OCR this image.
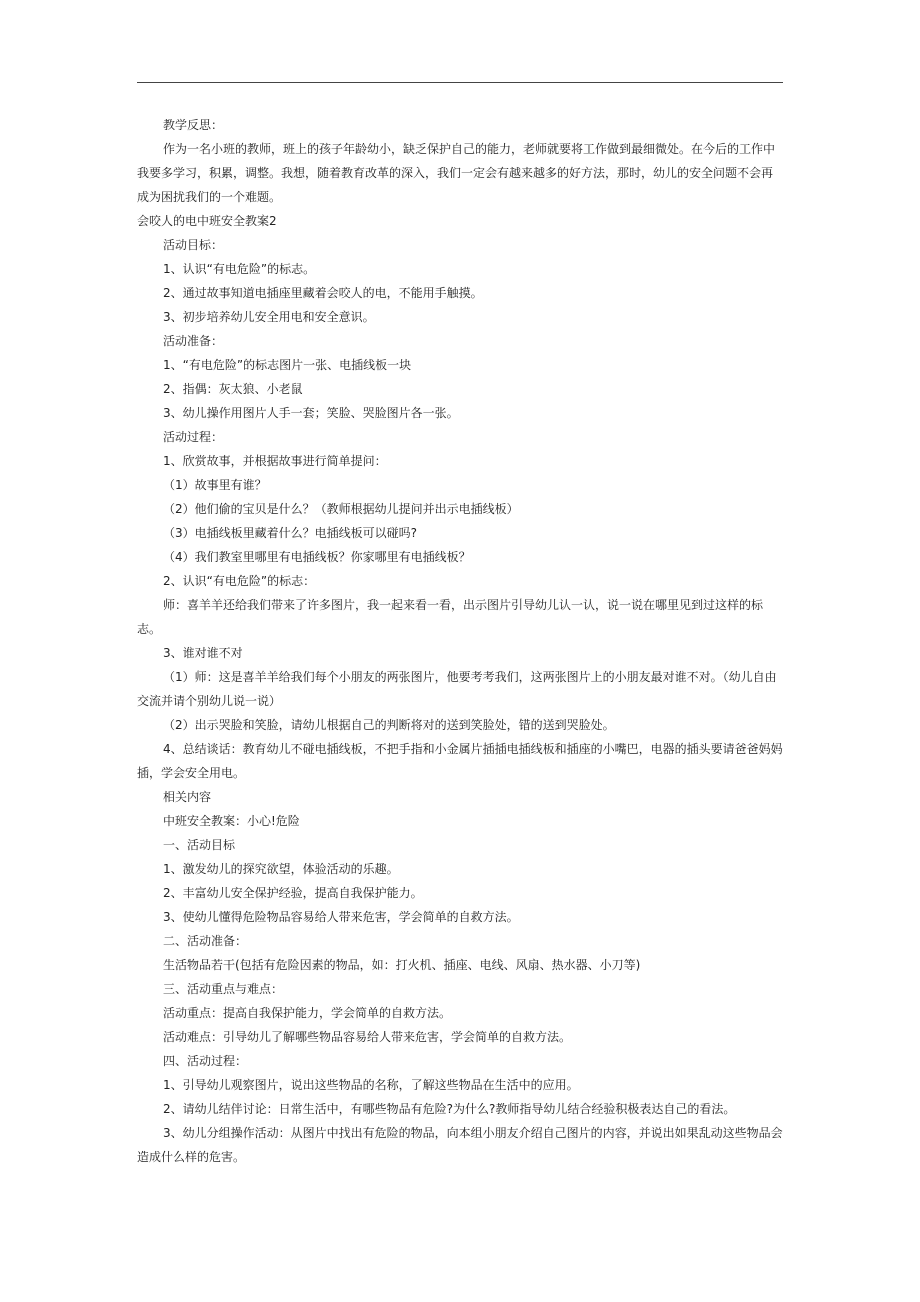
教学反思：

作为一名小班的教师，班上的孩子年龄幼小，缺乏保护自己的能力，老师就要将工作做到最细微处。在今后的工作中我要多学习，积累，调整。我想，随着教育改革的深入，我们一定会有越来越多的好方法，那时，幼儿的安全问题不会再成为困扰我们的一个难题。

会咬人的电中班安全教案2

活动目标：

1、认识“有电危险”的标志。

2、通过故事知道电插座里藏着会咬人的电，不能用手触摸。

3、初步培养幼儿安全用电和安全意识。

活动准备：

1、“有电危险”的标志图片一张、电插线板一块

2、指偶：灰太狼、小老鼠

3、幼儿操作用图片人手一套；笑脸、哭脸图片各一张。

活动过程：

1、欣赏故事，并根据故事进行简单提问：

（1）故事里有谁？

（2）他们偷的宝贝是什么？（教师根据幼儿提问并出示电插线板）

（3）电插线板里藏着什么？电插线板可以碰吗?

（4）我们教室里哪里有电插线板？你家哪里有电插线板？

2、认识“有电危险”的标志：

师：喜羊羊还给我们带来了许多图片，我一起来看一看，出示图片引导幼儿认一认，说一说在哪里见到过这样的标志。

3、谁对谁不对

（1）师：这是喜羊羊给我们每个小朋友的两张图片，他要考考我们，这两张图片上的小朋友最对谁不对。（幼儿自由交流并请个别幼儿说一说）

（2）出示哭脸和笑脸，请幼儿根据自己的判断将对的送到笑脸处，错的送到哭脸处。

4、总结谈话：教育幼儿不碰电插线板，不把手指和小金属片插插电插线板和插座的小嘴巴，电器的插头要请爸爸妈妈插，学会安全用电。

相关内容

中班安全教案：小心!危险

一、活动目标

1、激发幼儿的探究欲望，体验活动的乐趣。

2、丰富幼儿安全保护经验，提高自我保护能力。

3、使幼儿懂得危险物品容易给人带来危害，学会简单的自救方法。

二、活动准备：

生活物品若干(包括有危险因素的物品，如：打火机、插座、电线、风扇、热水器、小刀等)

三、活动重点与难点：

活动重点：提高自我保护能力，学会简单的自救方法。

活动难点：引导幼儿了解哪些物品容易给人带来危害，学会简单的自救方法。

四、活动过程：

1、引导幼儿观察图片，说出这些物品的名称，了解这些物品在生活中的应用。

2、请幼儿结伴讨论：日常生活中，有哪些物品有危险?为什么?教师指导幼儿结合经验积极表达自己的看法。

3、幼儿分组操作活动：从图片中找出有危险的物品，向本组小朋友介绍自己图片的内容，并说出如果乱动这些物品会造成什么样的危害。
